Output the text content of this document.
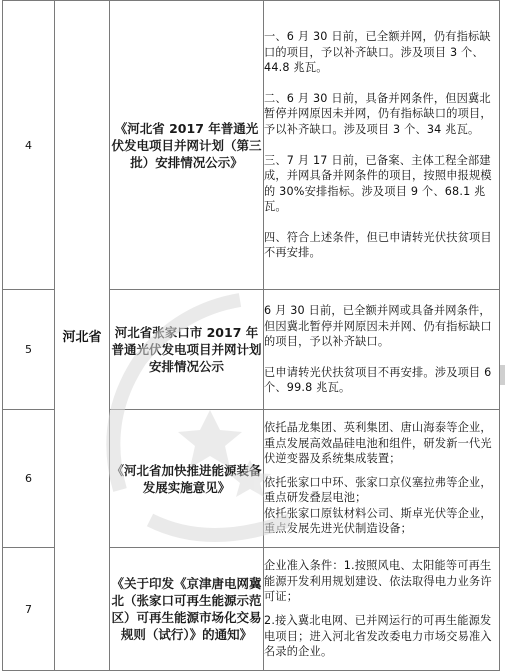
4	河北省	《河北省 2017 年普通光伏发电项目并网计划（第三批）安排情况公示》	一、6 月 30 日前，已全额并网，仍有指标缺口的项目，予以补齐缺口。涉及项目 3 个、44.8 兆瓦。

二、6 月 30 日前，具备并网条件，但因冀北暂停并网原因未并网，仍有指标缺口的项目，予以补齐缺口。涉及项目 3 个、34 兆瓦。

三、7 月 17 日前，已备案、主体工程全部建成，并网具备并网条件的项目，按照申报规模的 30%安排指标。涉及项目 9 个、68.1 兆瓦。

四、符合上述条件，但已申请转光伏扶贫项目不再安排。

5		河北省张家口市 2017 年普通光伏发电项目并网计划安排情况公示	6 月 30 日前，已全额并网或具备并网条件，但因冀北暂停并网原因未并网、仍有指标缺口的项目，予以补齐缺口。

已申请转光伏扶贫项目不再安排。涉及项目 6 个、99.8 兆瓦。

6		《河北省加快推进能源装备发展实施意见》	依托晶龙集团、英利集团、唐山海泰等企业，重点发展高效晶硅电池和组件，研发新一代光伏逆变器及系统集成装置；

依托张家口中环、张家口京仪塞拉弗等企业，重点研发叠层电池；

依托张家口原钛材料公司、斯卓光伏等企业，重点发展先进光伏制造设备；

7		《关于印发《京津唐电网冀北（张家口可再生能源示范区）可再生能源市场化交易规则（试行）》的通知》	企业准入条件：1.按照风电、太阳能等可再生能源开发利用规划建设、依法取得电力业务许可证；

2.接入冀北电网、已并网运行的可再生能源发电项目；进入河北省发改委电力市场交易准入名录的企业。
